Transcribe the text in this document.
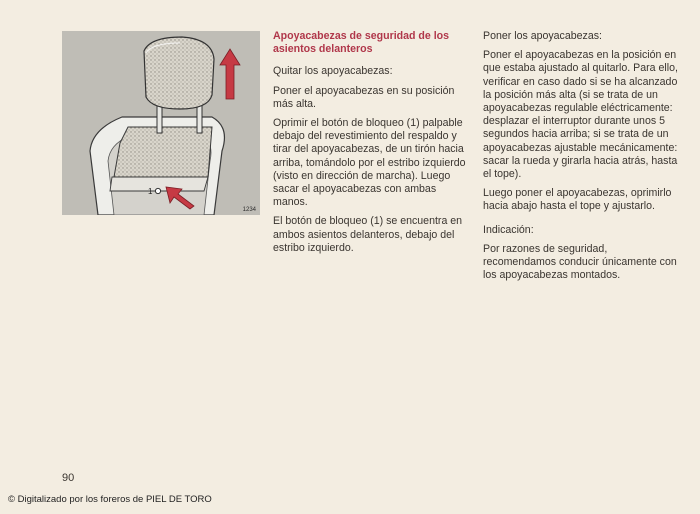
1
1234
Apoyacabezas de seguridad de los
asientos delanteros

Quitar los apoyacabezas:

Poner el apoyacabezas en su posición más alta.

Oprimir el botón de bloqueo (1) palpable debajo del revestimiento del respaldo y tirar del apoyacabezas, de un tirón hacia arriba, tomándolo por el estribo izquierdo (visto en dirección de marcha). Luego sacar el apoyacabezas con ambas manos.

El botón de bloqueo (1) se encuentra en ambos asientos delanteros, debajo del estribo izquierdo.

Poner los apoyacabezas:

Poner el apoyacabezas en la posición en que estaba ajustado al quitarlo. Para ello, verificar en caso dado si se ha alcanzado la posición más alta (si se trata de un apoyacabezas regulable eléctricamente: desplazar el interruptor durante unos 5 segundos hacia arriba; si se trata de un apoyacabezas ajustable mecánicamente: sacar la rueda y girarla hacia atrás, hasta el tope).

Luego poner el apoyacabezas, oprimirlo hacia abajo hasta el tope y ajustarlo.

Indicación:

Por razones de seguridad, recomendamos conducir únicamente con los apoyacabezas montados.

90
© Digitalizado por los foreros de PIEL DE TORO
